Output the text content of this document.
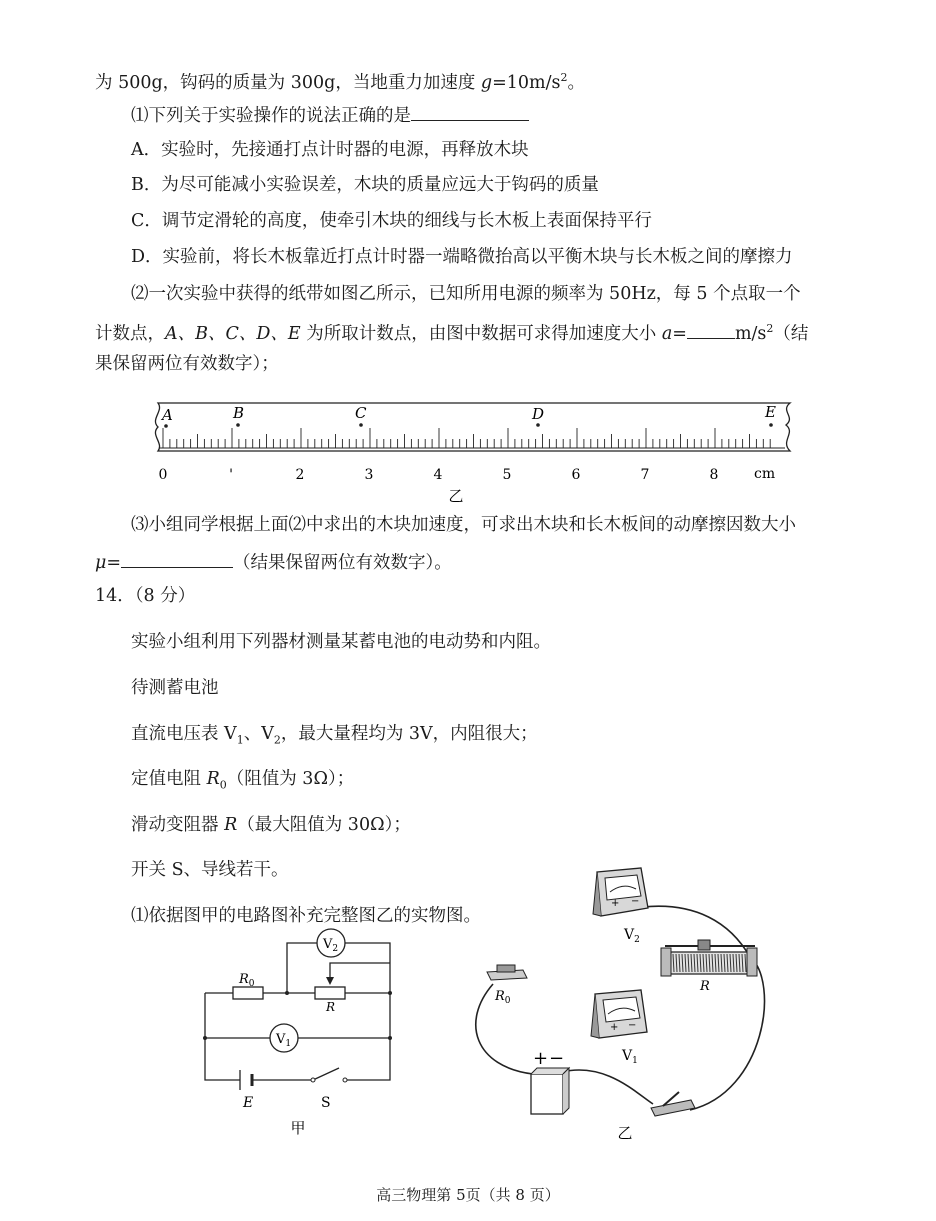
为 500g，钩码的质量为 300g，当地重力加速度 $g=10m/s^2$。
⑴下列关于实验操作的说法正确的是
A．实验时，先接通打点计时器的电源，再释放木块
B．为尽可能减小实验误差，木块的质量应远大于钩码的质量
C．调节定滑轮的高度，使牵引木块的细线与长木板上表面保持平行
D．实验前，将长木板靠近打点计时器一端略微抬高以平衡木块与长木板之间的摩擦力
⑵一次实验中获得的纸带如图乙所示，已知所用电源的频率为 50Hz，每 5 个点取一个
计数点，A、B、C、D、E 为所取计数点，由图中数据可求得加速度大小 a=	$m/s^2$（结
果保留两位有效数字）；
A	B	C	D	E
0	'	2	3	4	5	6	7	8	cm
乙
⑶小组同学根据上面⑵中求出的木块加速度，可求出木块和长木板间的动摩擦因数大小
μ=	（结果保留两位有效数字）。
14．（8 分）
实验小组利用下列器材测量某蓄电池的电动势和内阻。
待测蓄电池
直流电压表 $V_1$、$V_2$，最大量程均为 3V，内阻很大；
定值电阻 $R_0$（阻值为 3Ω）；
滑动变阻器 R（最大阻值为 30Ω）；
开关 S、导线若干。
⑴依据图甲的电路图补充完整图乙的实物图。
$R_0$
$V_2$
$V_1$
R
E	S
甲
+ −
$V_2$
R
$R_0$
+ −
$V_1$
+ −
乙
高三物理第 5页（共 8 页）
